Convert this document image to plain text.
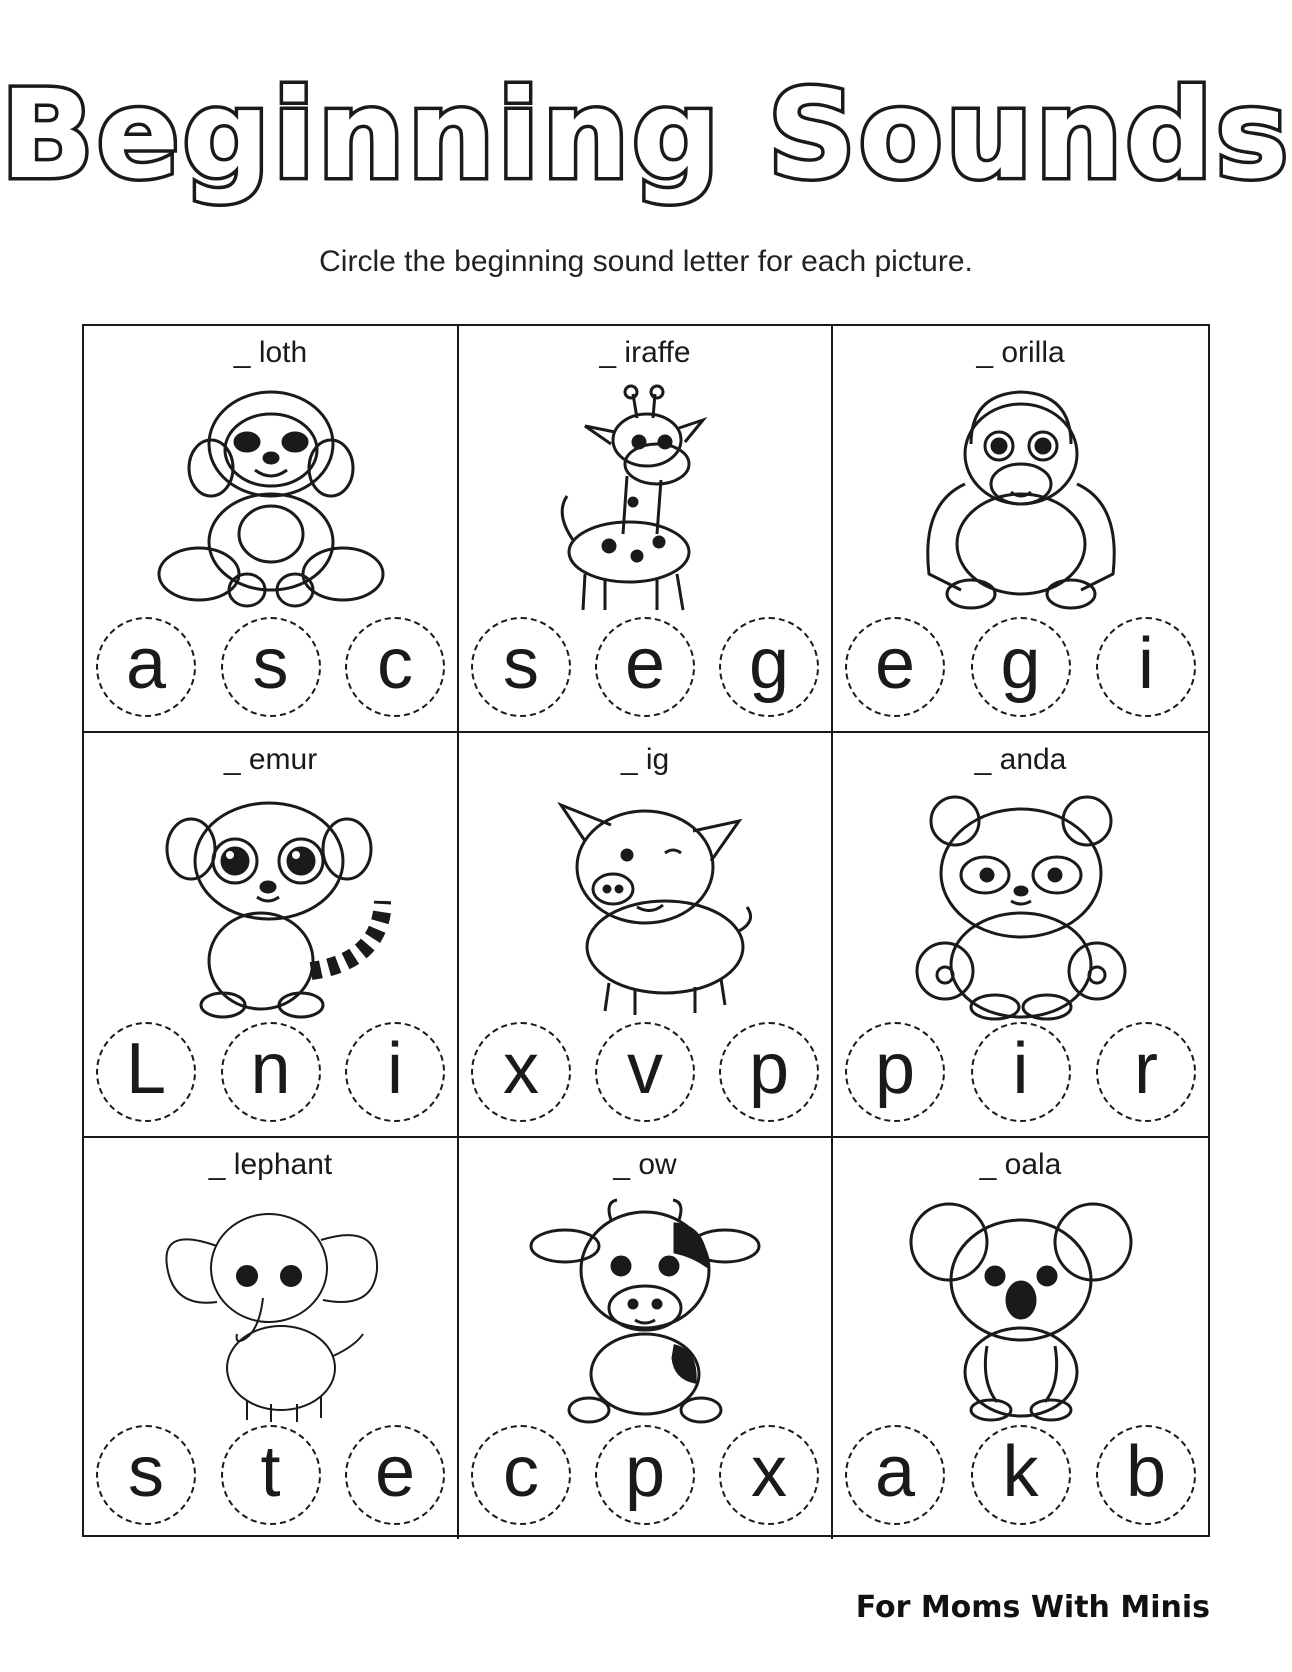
Beginning Sounds
Circle the beginning sound letter for each picture.
_ loth
a	s	c
_ iraffe
s	e	g
_ orilla
e	g	i
_ emur
L	n	i
_ ig
x	v	p
_ anda
p	i	r
_ lephant
s	t	e
_ ow
c	p	x
_ oala
a	k	b
For Moms With Minis
